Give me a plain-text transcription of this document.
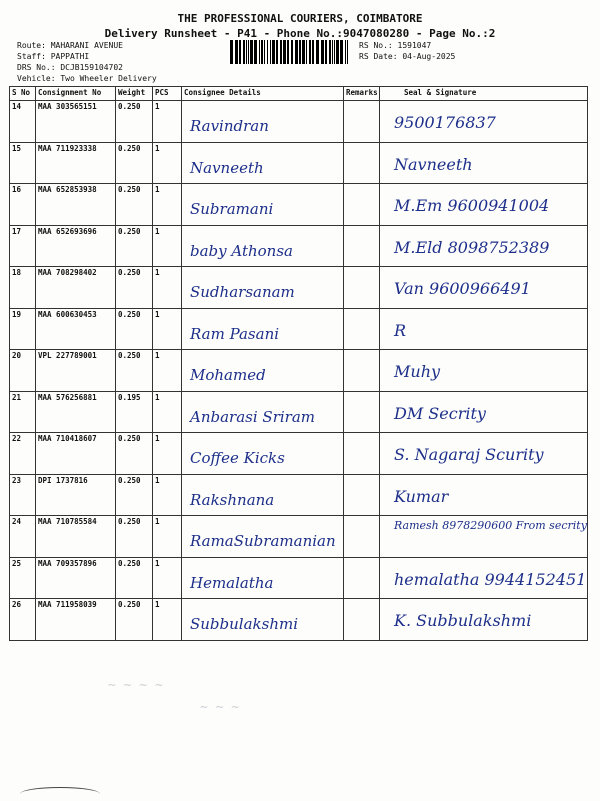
THE PROFESSIONAL COURIERS, COIMBATORE
Delivery Runsheet - P41 - Phone No.:9047080280 - Page No.:2
Route: MAHARANI AVENUE
Staff: PAPPATHI
DRS No.: DCJB159104702
Vehicle: Two Wheeler Delivery
RS No.: 1591047
RS Date: 04-Aug-2025
S No	Consignment No	Weight	PCS	Consignee Details	Remarks	Seal & Signature
14	MAA 303565151	0.250	1	Ravindran		9500176837

15	MAA 711923338	0.250	1	Navneeth		Navneeth

16	MAA 652853938	0.250	1	Subramani		M.Em 9600941004

17	MAA 652693696	0.250	1	baby Athonsa		M.Eld 8098752389

18	MAA 708298402	0.250	1	Sudharsanam		Van 9600966491

19	MAA 600630453	0.250	1	Ram Pasani		R

20	VPL 227789001	0.250	1	Mohamed		Muhy

21	MAA 576256881	0.195	1	Anbarasi Sriram		DM Secrity

22	MAA 710418607	0.250	1	Coffee Kicks		S. Nagaraj Scurity

23	DPI 1737816	0.250	1	Rakshnana		Kumar

24	MAA 710785584	0.250	1	RamaSubramanian		Ramesh 8978290600 From secrity

25	MAA 709357896	0.250	1	Hemalatha		hemalatha 9944152451

26	MAA 711958039	0.250	1	Subbulakshmi		K. Subbulakshmi
~ ~ ~ ~
~ ~ ~
